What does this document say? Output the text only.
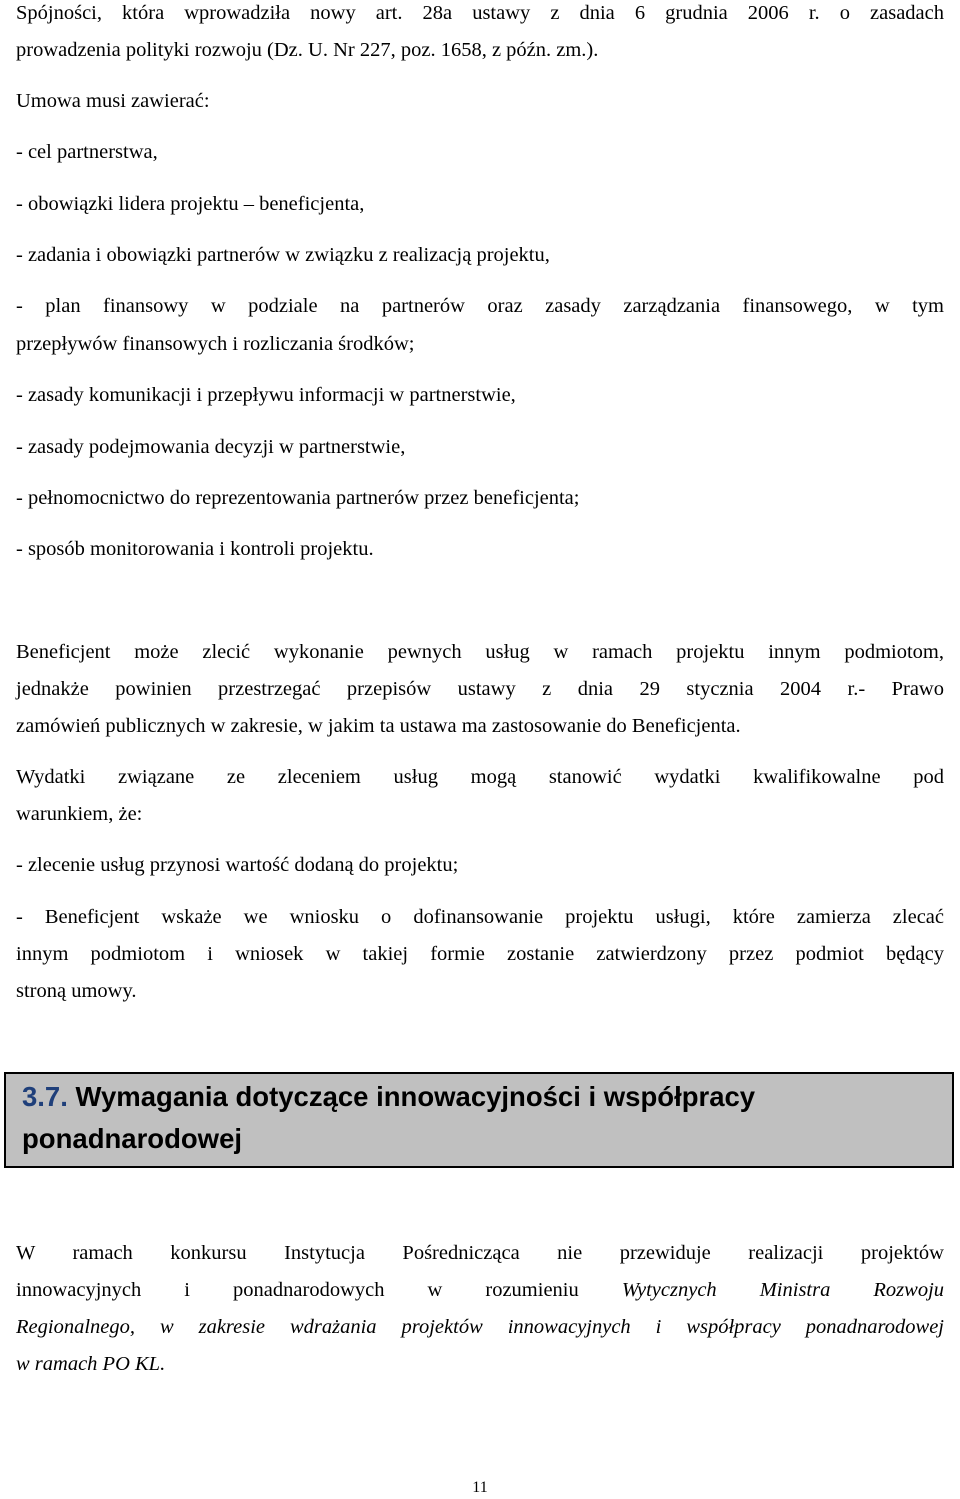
Spójności, która wprowadziła nowy art. 28a ustawy z dnia 6 grudnia 2006 r. o zasadach

prowadzenia polityki rozwoju (Dz. U. Nr 227, poz. 1658, z późn. zm.).

Umowa musi zawierać:

- cel partnerstwa,

- obowiązki lidera projektu – beneficjenta,

- zadania i obowiązki partnerów w związku z realizacją projektu,

- plan finansowy w podziale na partnerów oraz zasady zarządzania finansowego, w tym

przepływów finansowych i rozliczania środków;

- zasady komunikacji i przepływu informacji w partnerstwie,

- zasady podejmowania decyzji w partnerstwie,

- pełnomocnictwo do reprezentowania partnerów przez beneficjenta;

- sposób monitorowania i kontroli projektu.

Beneficjent może zlecić wykonanie pewnych usług w ramach projektu innym podmiotom,

jednakże powinien przestrzegać przepisów ustawy z dnia 29 stycznia 2004 r.- Prawo

zamówień publicznych w zakresie, w jakim ta ustawa ma zastosowanie do Beneficjenta.

Wydatki związane ze zleceniem usług mogą stanowić wydatki kwalifikowalne pod

warunkiem, że:

- zlecenie usług przynosi wartość dodaną do projektu;

- Beneficjent wskaże we wniosku o dofinansowanie projektu usługi, które zamierza zlecać

innym podmiotom i wniosek w takiej formie zostanie zatwierdzony przez podmiot będący

stroną umowy.

W ramach konkursu Instytucja Pośrednicząca nie przewiduje realizacji projektów

innowacyjnych i ponadnarodowych w rozumieniu Wytycznych Ministra Rozwoju

Regionalnego, w zakresie wdrażania projektów innowacyjnych i współpracy ponadnarodowej

w ramach PO KL.

3.7. Wymagania dotyczące innowacyjności i współpracy

ponadnarodowej

11
